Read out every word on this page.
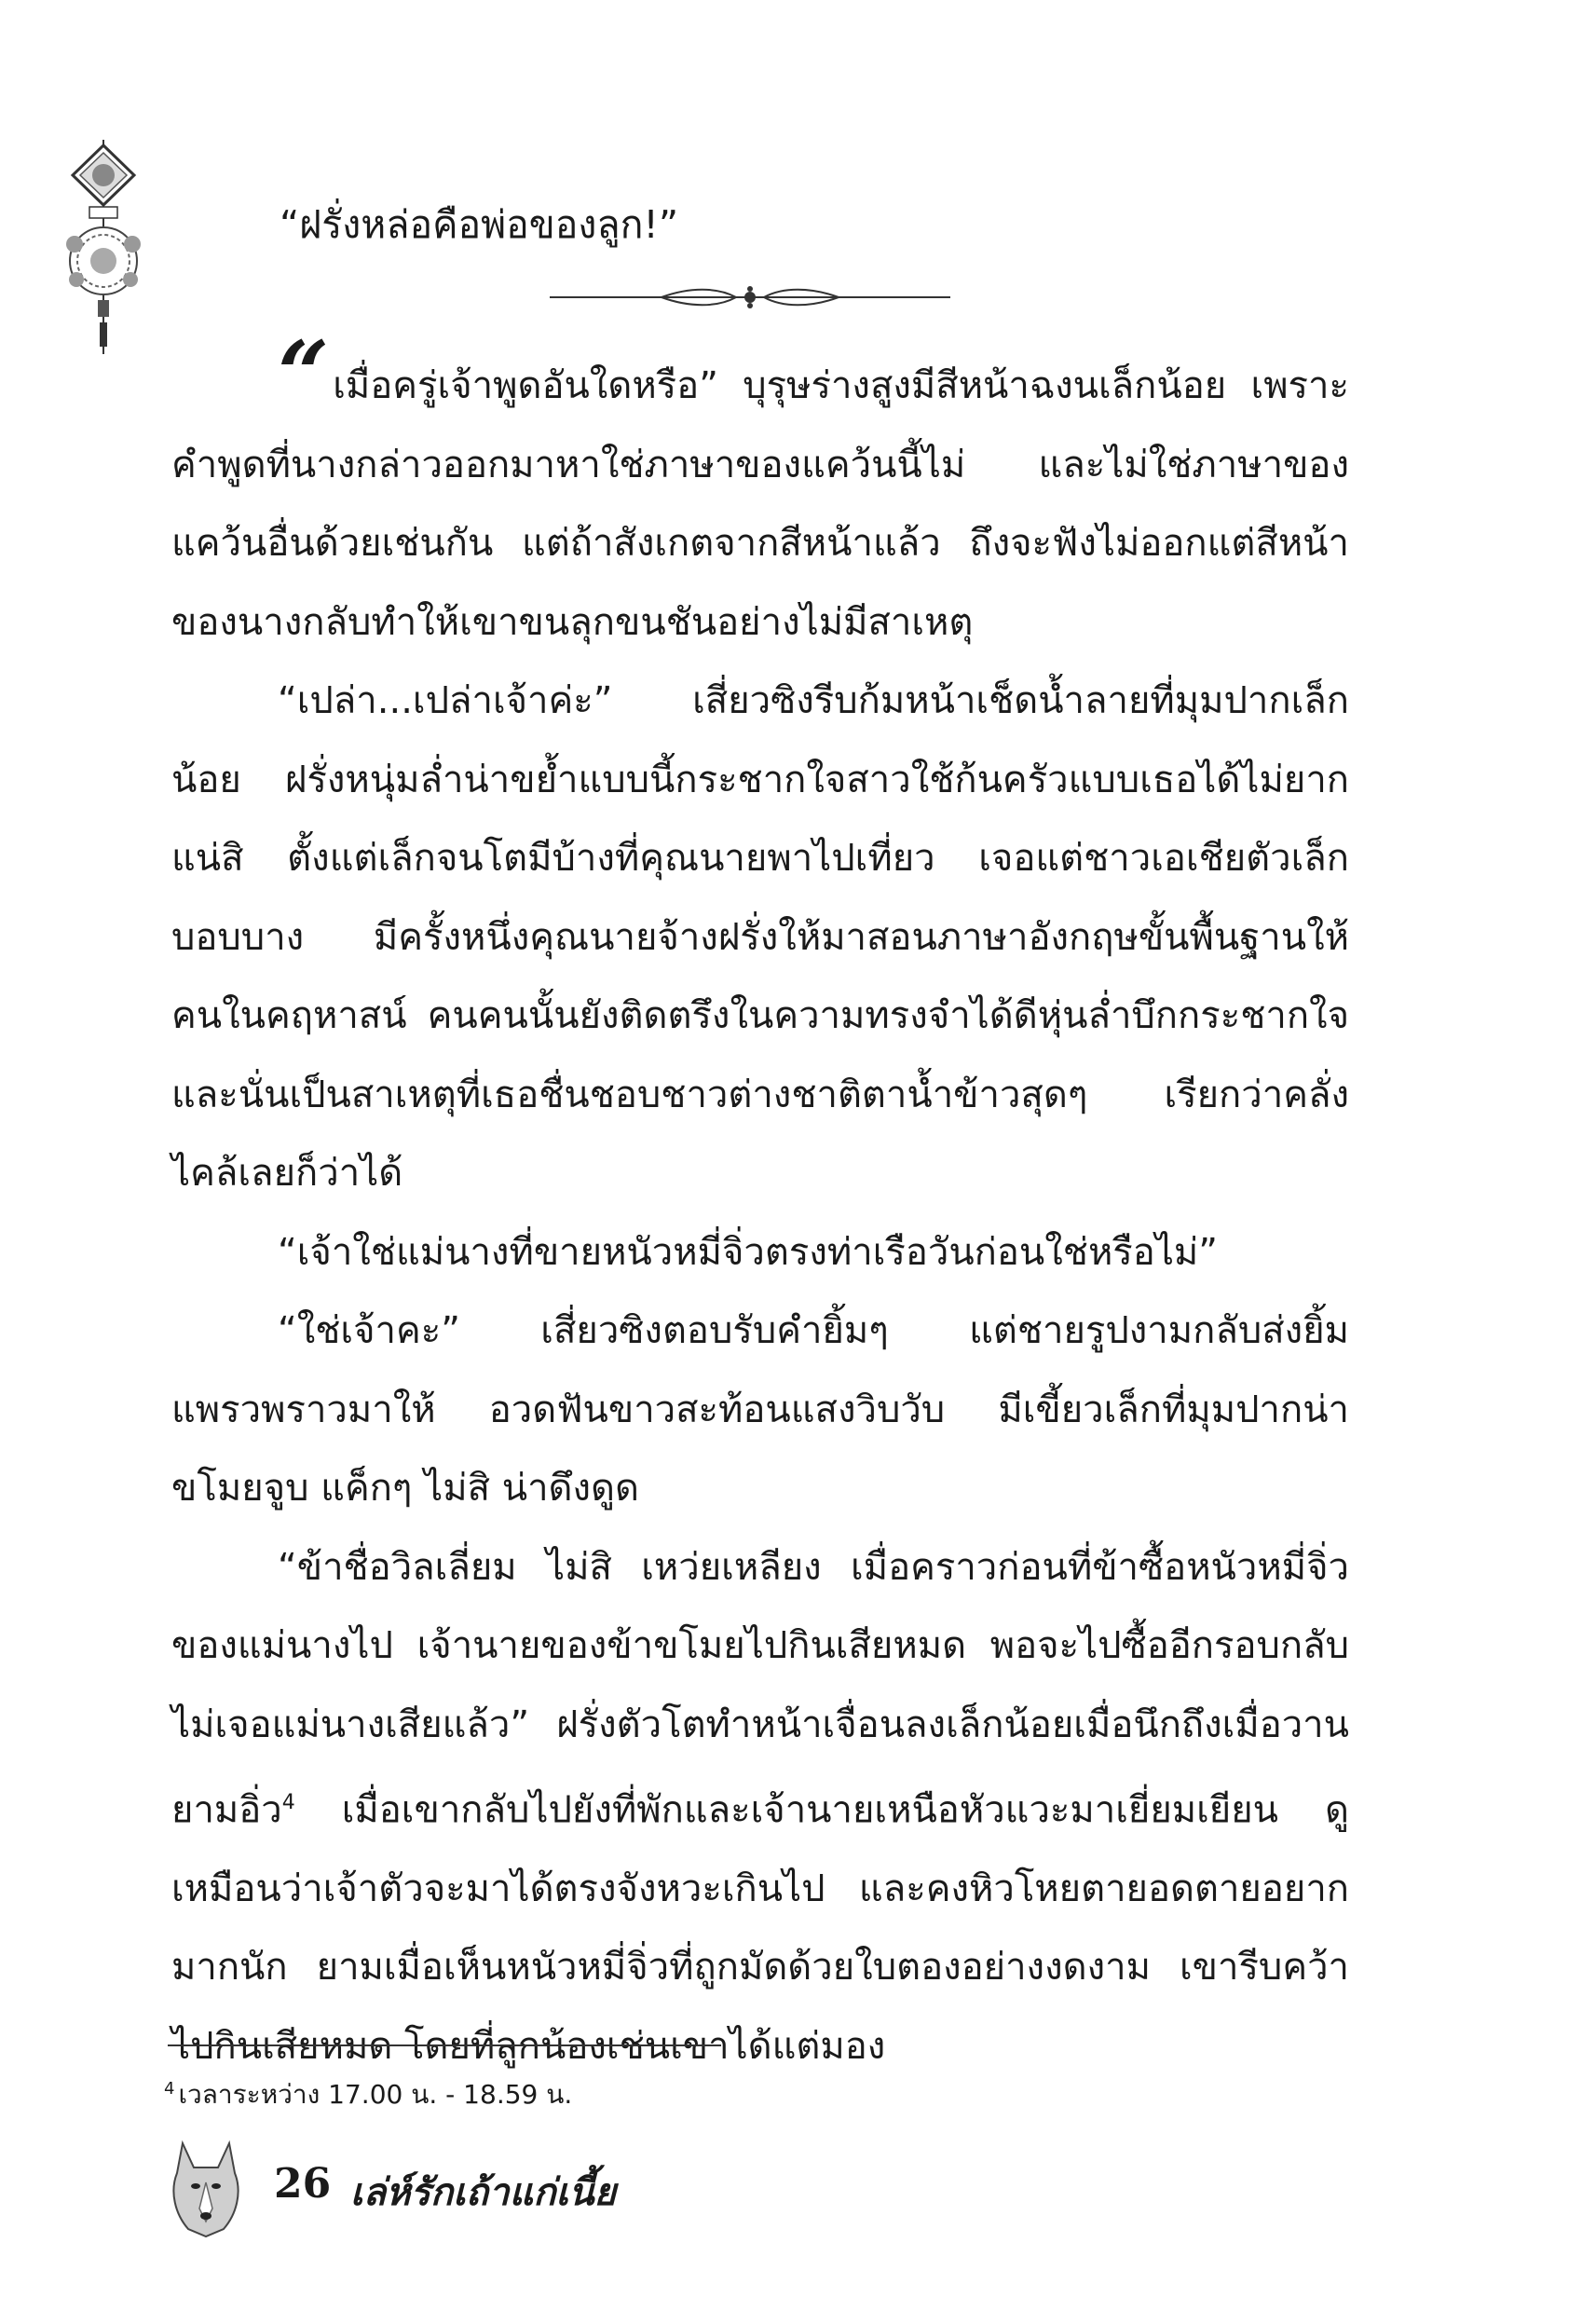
“ฝรั่งหล่อคือพ่อของลูก!”

“ เมื่อครู่เจ้าพูดอันใดหรือ” บุรุษร่างสูงมีสีหน้าฉงนเล็กน้อย เพราะคำพูดที่นางกล่าวออกมาหาใช่ภาษาของแคว้นนี้ไม่ และไม่ใช่ภาษาของแคว้นอื่นด้วยเช่นกัน แต่ถ้าสังเกตจากสีหน้าแล้ว ถึงจะฟังไม่ออกแต่สีหน้าของนางกลับทำให้เขาขนลุกขนชันอย่างไม่มีสาเหตุ

“เปล่า...เปล่าเจ้าค่ะ” เสี่ยวซิงรีบก้มหน้าเช็ดน้ำลายที่มุมปากเล็กน้อย ฝรั่งหนุ่มล่ำน่าขย้ำแบบนี้กระชากใจสาวใช้ก้นครัวแบบเธอได้ไม่ยาก แน่สิ ตั้งแต่เล็กจนโตมีบ้างที่คุณนายพาไปเที่ยว เจอแต่ชาวเอเชียตัวเล็กบอบบาง มีครั้งหนึ่งคุณนายจ้างฝรั่งให้มาสอนภาษาอังกฤษขั้นพื้นฐานให้คนในคฤหาสน์ คนคนนั้นยังติดตรึงในความทรงจำได้ดีหุ่นล่ำบึกกระชากใจ และนั่นเป็นสาเหตุที่เธอชื่นชอบชาวต่างชาติตาน้ำข้าวสุดๆ เรียกว่าคลั่งไคล้เลยก็ว่าได้

“เจ้าใช่แม่นางที่ขายหนัวหมี่จิ่วตรงท่าเรือวันก่อนใช่หรือไม่”

“ใช่เจ้าคะ” เสี่ยวซิงตอบรับคำยิ้มๆ แต่ชายรูปงามกลับส่งยิ้มแพรวพราวมาให้ อวดฟันขาวสะท้อนแสงวิบวับ มีเขี้ยวเล็กที่มุมปากน่าขโมยจูบ แค็กๆ ไม่สิ น่าดึงดูด

“ข้าชื่อวิลเลี่ยม ไม่สิ เหว่ยเหลียง เมื่อคราวก่อนที่ข้าซื้อหนัวหมี่จิ่วของแม่นางไป เจ้านายของข้าขโมยไปกินเสียหมด พอจะไปซื้ออีกรอบกลับไม่เจอแม่นางเสียแล้ว” ฝรั่งตัวโตทำหน้าเจื่อนลงเล็กน้อยเมื่อนึกถึงเมื่อวานยามอิ่ว$^4$ เมื่อเขากลับไปยังที่พักและเจ้านายเหนือหัวแวะมาเยี่ยมเยียน ดูเหมือนว่าเจ้าตัวจะมาได้ตรงจังหวะเกินไป และคงหิวโหยตายอดตายอยากมากนัก ยามเมื่อเห็นหนัวหมี่จิ่วที่ถูกมัดด้วยใบตองอย่างงดงาม เขารีบคว้าไปกินเสียหมด โดยที่ลูกน้องเช่นเขาได้แต่มอง

$^4$ เวลาระหว่าง 17.00 น. - 18.59 น.
26 เล่ห์รักเถ้าแก่เนี้ย
